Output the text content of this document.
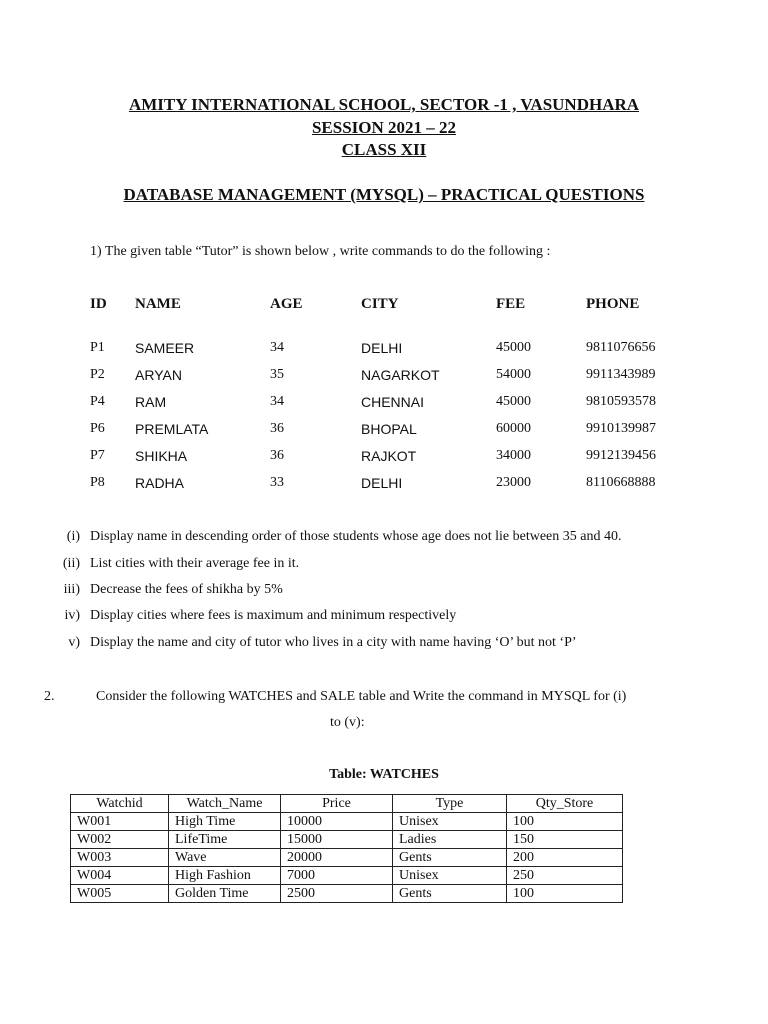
AMITY INTERNATIONAL SCHOOL, SECTOR -1 , VASUNDHARA
SESSION 2021 – 22
CLASS XII
DATABASE MANAGEMENT (MYSQL) – PRACTICAL QUESTIONS
1) The given table “Tutor” is shown below , write commands to do the following :
ID NAME	AGE	CITY	FEE	PHONE
P1 SAMEER	34	DELHI	45000	9811076656
P2 ARYAN	35	NAGARKOT	54000	9911343989
P4 RAM	34	CHENNAI	45000	9810593578
P6 PREMLATA	36	BHOPAL	60000	9910139987
P7 SHIKHA	36	RAJKOT	34000	9912139456
P8 RADHA	33	DELHI	23000	8110668888
(i) Display name in descending order of those students whose age does not lie between 35 and 40.
(ii) List cities with their average fee in it.
iii) Decrease the fees of shikha by 5%
iv) Display cities where fees is maximum and minimum respectively
v) Display the name and city of tutor who lives in a city with name having ‘O’ but not ‘P’
2.	Consider the following WATCHES and SALE table and Write the command in MYSQL for (i)
to (v):
Table: WATCHES
Watchid	Watch_Name	Price	Type	Qty_Store
W001	High Time	10000	Unisex	100
W002	LifeTime	15000	Ladies	150
W003	Wave	20000	Gents	200
W004	High Fashion	7000	Unisex	250
W005	Golden Time	2500	Gents	100
